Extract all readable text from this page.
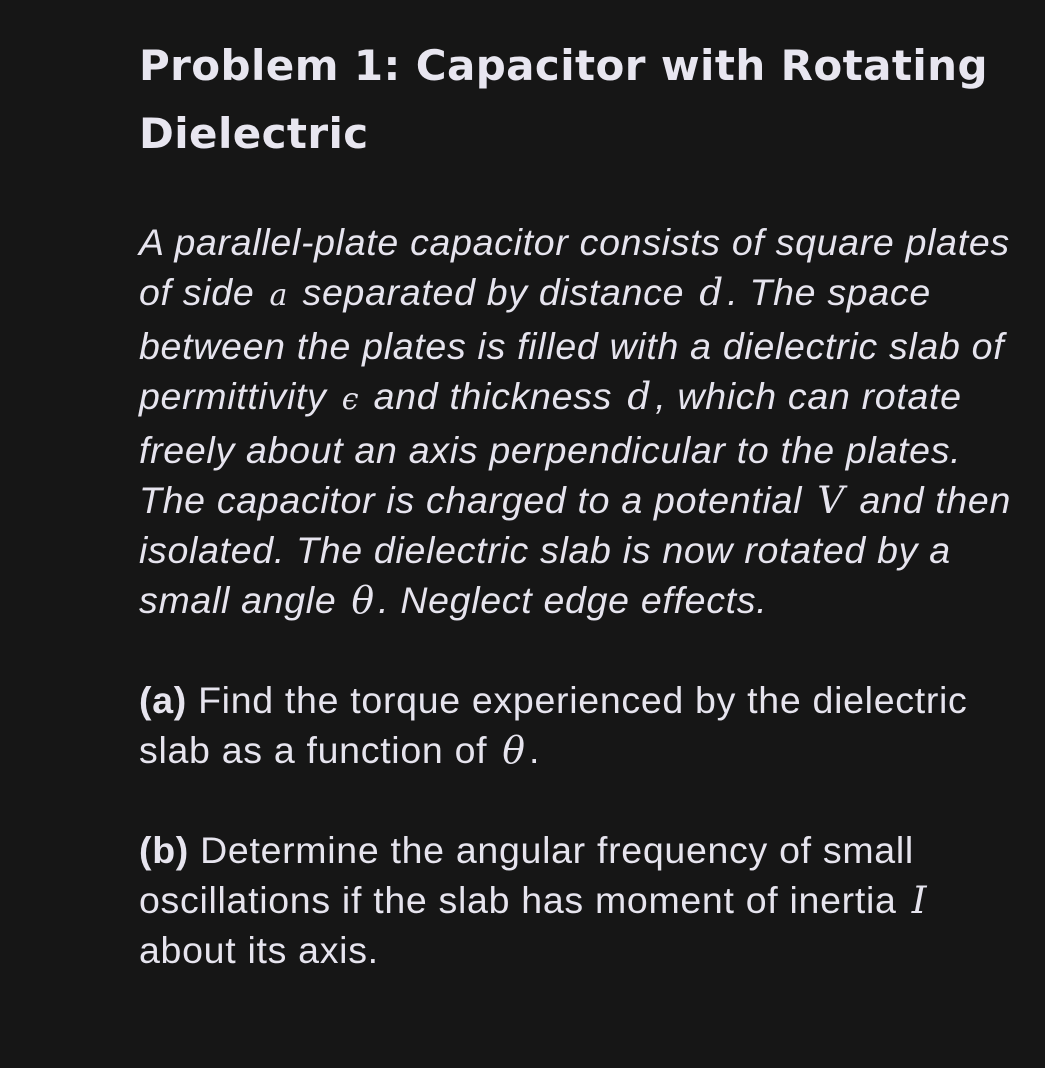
Problem 1: Capacitor with Rotating Dielectric

A parallel-plate capacitor consists of square plates of side a separated by distance d . The space between the plates is filled with a dielectric slab of permittivity ϵ and thickness d , which can rotate freely about an axis perpendicular to the plates. The capacitor is charged to a potential V and then isolated. The dielectric slab is now rotated by a small angle θ . Neglect edge effects.

(a) Find the torque experienced by the dielectric slab as a function of θ .

(b) Determine the angular frequency of small oscillations if the slab has moment of inertia I about its axis.
